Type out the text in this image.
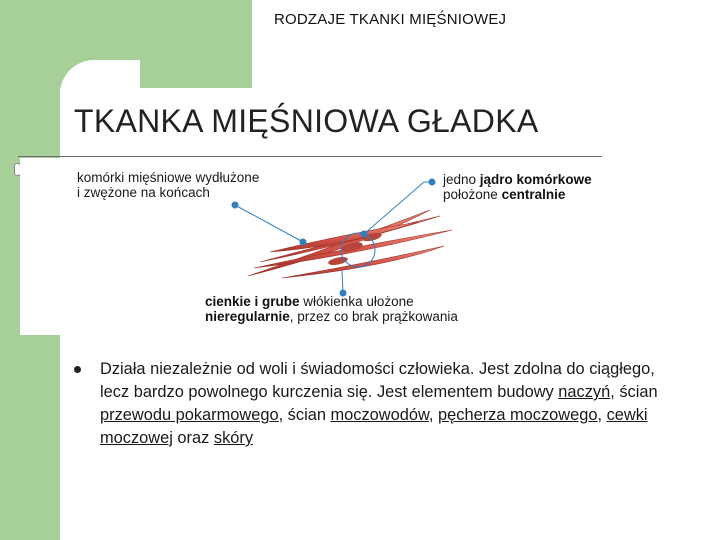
RODZAJE TKANKI MIĘŚNIOWEJ
TKANKA MIĘŚNIOWA GŁADKA
komórki mięśniowe wydłużone
i zwężone na końcach
jedno jądro komórkowe
położone centralnie
cienkie i grube włókienka ułożone
nieregularnie, przez co brak prążkowania
Działa niezależnie od woli i świadomości człowieka. Jest zdolna do ciągłego, lecz bardzo powolnego kurczenia się. Jest elementem budowy naczyń, ścian przewodu pokarmowego, ścian moczowodów, pęcherza moczowego, cewki moczowej oraz skóry
